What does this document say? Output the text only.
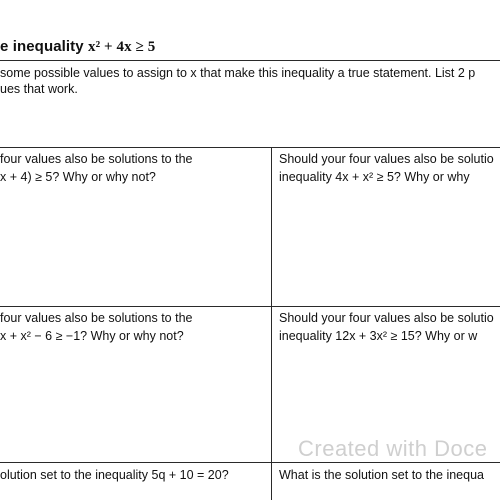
e inequality x² + 4x ≥ 5
some possible values to assign to x that make this inequality a true statement. List 2 p
ues that work.
four values also be solutions to the
x + 4) ≥ 5? Why or why not?
Should your four values also be solutio
inequality 4x + x² ≥ 5? Why or why
four values also be solutions to the
x + x² − 6 ≥ −1? Why or why not?
Should your four values also be solutio
inequality 12x + 3x² ≥ 15? Why or w
Created with Doce
olution set to the inequality 5q + 10 = 20?	What is the solution set to the inequa
